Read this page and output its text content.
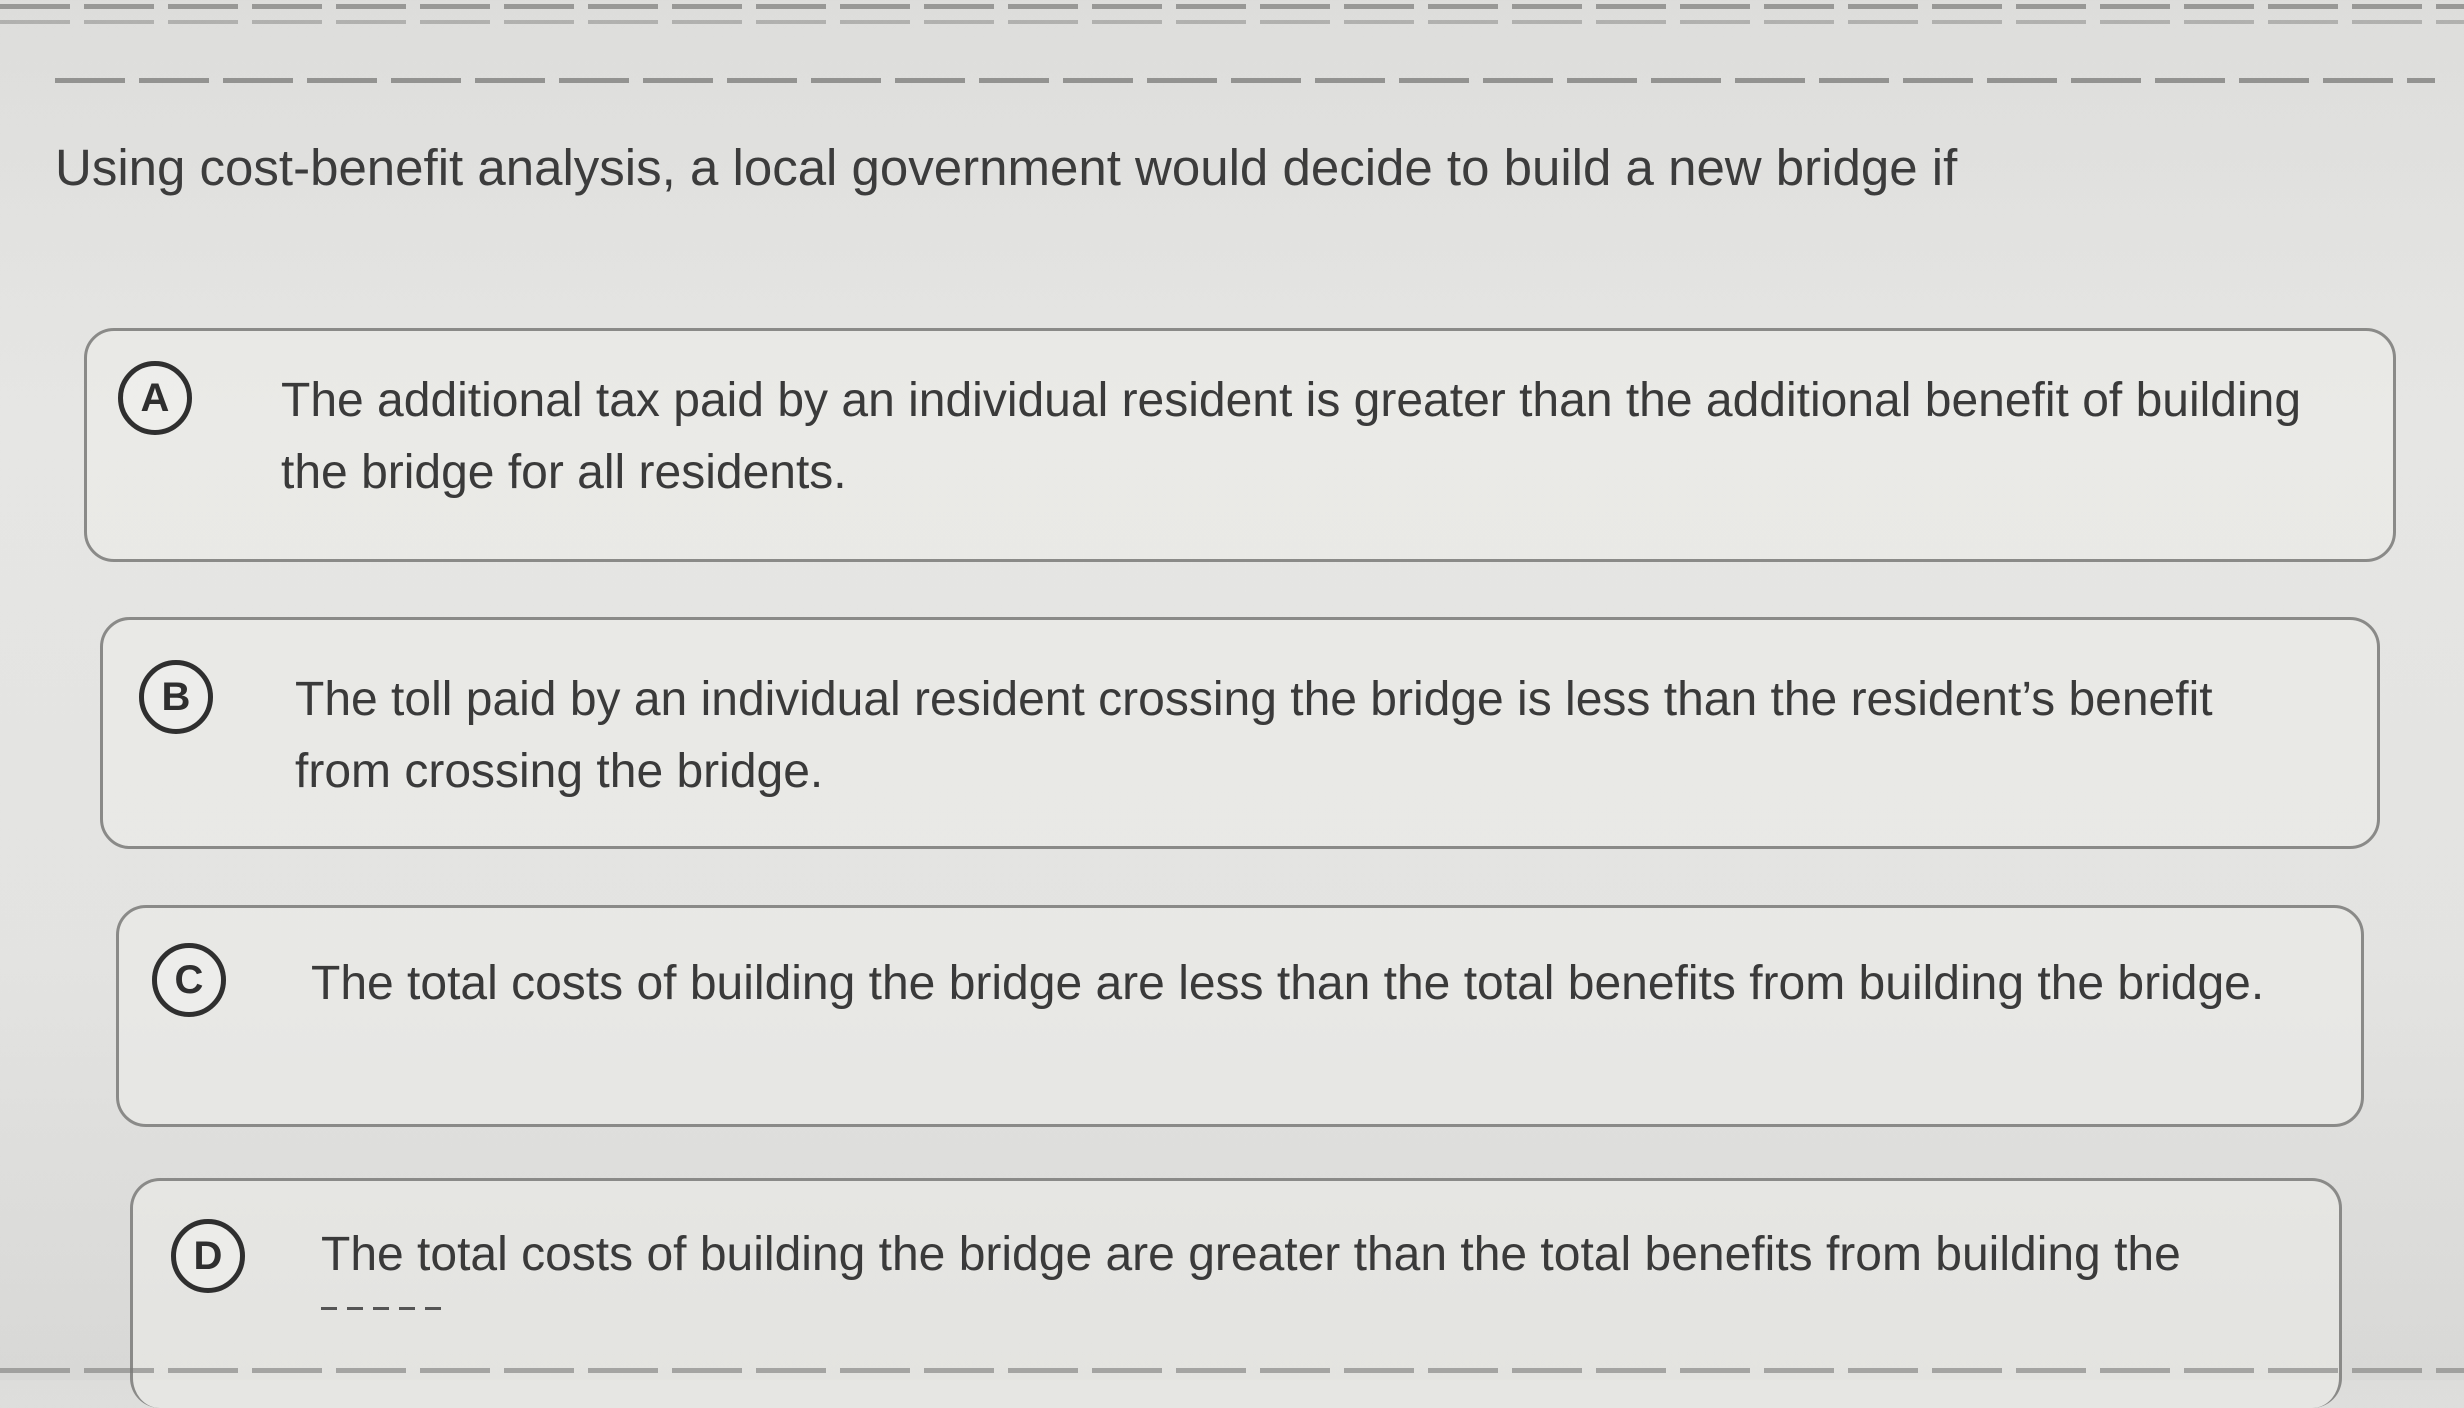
Using cost-benefit analysis, a local government would decide to build a new bridge if
A	The additional tax paid by an individual resident is greater than the additional benefit of building the bridge for all residents.

B	The toll paid by an individual resident crossing the bridge is less than the resident’s benefit from crossing the bridge.

C	The total costs of building the bridge are less than the total benefits from building the bridge.

D	The total costs of building the bridge are greater than the total benefits from building the
